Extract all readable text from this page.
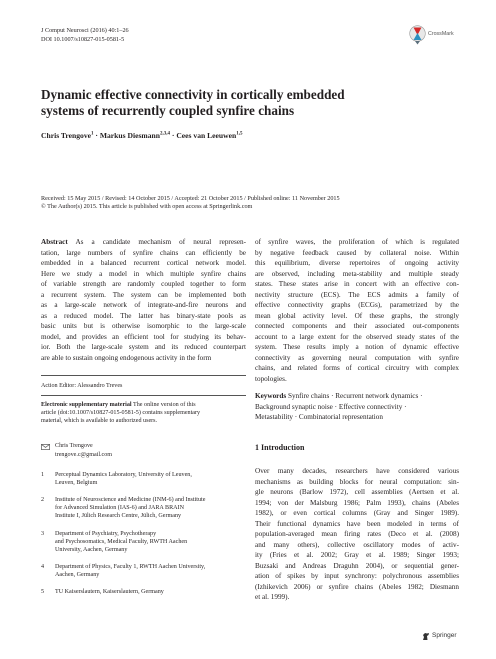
J Comput Neurosci (2016) 40:1–26
DOI 10.1007/s10827-015-0581-5
CrossMark
Dynamic effective connectivity in cortically embedded
systems of recurrently coupled synfire chains
Chris Trengove$^1$ · Markus Diesmann$^{2,3,4}$ · Cees van Leeuwen$^{1,5}$
Received: 15 May 2015 / Revised: 14 October 2015 / Accepted: 21 October 2015 / Published online: 11 November 2015
© The Author(s) 2015. This article is published with open access at Springerlink.com
Abstract As a candidate mechanism of neural represen-
tation, large numbers of synfire chains can efficiently be
embedded in a balanced recurrent cortical network model.
Here we study a model in which multiple synfire chains
of variable strength are randomly coupled together to form
a recurrent system. The system can be implemented both
as a large-scale network of integrate-and-fire neurons and
as a reduced model. The latter has binary-state pools as
basic units but is otherwise isomorphic to the large-scale
model, and provides an efficient tool for studying its behav-
ior. Both the large-scale system and its reduced counterpart
are able to sustain ongoing endogenous activity in the form
Action Editor: Alessandro Treves
Electronic supplementary material The online version of this
article (doi:10.1007/s10827-015-0581-5) contains supplementary
material, which is available to authorized users.
Chris Trengove
trengove.c@gmail.com
1 Perceptual Dynamics Laboratory, University of Leuven,
Leuven, Belgium
2 Institute of Neuroscience and Medicine (INM-6) and Institute
for Advanced Simulation (IAS-6) and JARA BRAIN
Institute I, Jülich Research Centre, Jülich, Germany
3 Department of Psychiatry, Psychotherapy
and Psychosomatics, Medical Faculty, RWTH Aachen
University, Aachen, Germany
4 Department of Physics, Faculty 1, RWTH Aachen University,
Aachen, Germany
5 TU Kaiserslautern, Kaiserslautern, Germany
of synfire waves, the proliferation of which is regulated
by negative feedback caused by collateral noise. Within
this equilibrium, diverse repertoires of ongoing activity
are observed, including meta-stability and multiple steady
states. These states arise in concert with an effective con-
nectivity structure (ECS). The ECS admits a family of
effective connectivity graphs (ECGs), parametrized by the
mean global activity level. Of these graphs, the strongly
connected components and their associated out-components
account to a large extent for the observed steady states of the
system. These results imply a notion of dynamic effective
connectivity as governing neural computation with synfire
chains, and related forms of cortical circuitry with complex
topologies.
Keywords Synfire chains · Recurrent network dynamics ·
Background synaptic noise · Effective connectivity ·
Metastability · Combinatorial representation
1 Introduction
Over many decades, researchers have considered various
mechanisms as building blocks for neural computation: sin-
gle neurons (Barlow 1972), cell assemblies (Aertsen et al.
1994; von der Malsburg 1986; Palm 1993), chains (Abeles
1982), or even cortical columns (Gray and Singer 1989).
Their functional dynamics have been modeled in terms of
population-averaged mean firing rates (Deco et al. (2008)
and many others), collective oscillatory modes of activ-
ity (Fries et al. 2002; Gray et al. 1989; Singer 1993;
Buzsaki and Andreas Draguhn 2004), or sequential gener-
ation of spikes by input synchrony: polychronous assemblies
(Izhikevich 2006) or synfire chains (Abeles 1982; Diesmann
et al. 1999).
Springer
